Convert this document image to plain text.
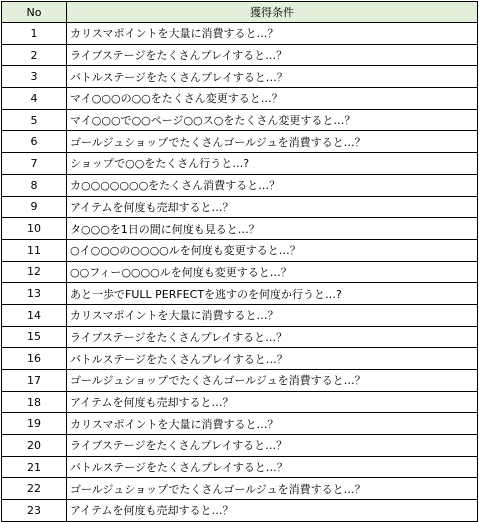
No	獲得条件
1	カリスマポイントを大量に消費すると…？
2	ライブステージをたくさんプレイすると…？
3	バトルステージをたくさんプレイすると…？
4	マイ○○○の○○をたくさん変更すると…？
5	マイ○○○で○○ページ○○ス○をたくさん変更すると…？
6	ゴールジュショップでたくさんゴールジュを消費すると…？
7	ショップで○○をたくさん行うと…?
8	カ○○○○○○○をたくさん消費すると…？
9	アイテムを何度も売却すると…？
10	タ○○○を1日の間に何度も見ると…？
11	○イ○○○の○○○○ルを何度も変更すると…？
12	○○フィー○○○○ルを何度も変更すると…？
13	あと一歩でFULL PERFECTを逃すのを何度か行うと…?
14	カリスマポイントを大量に消費すると…？
15	ライブステージをたくさんプレイすると…？
16	バトルステージをたくさんプレイすると…？
17	ゴールジュショップでたくさんゴールジュを消費すると…？
18	アイテムを何度も売却すると…？
19	カリスマポイントを大量に消費すると…？
20	ライブステージをたくさんプレイすると…？
21	バトルステージをたくさんプレイすると…？
22	ゴールジュショップでたくさんゴールジュを消費すると…？
23	アイテムを何度も売却すると…？
